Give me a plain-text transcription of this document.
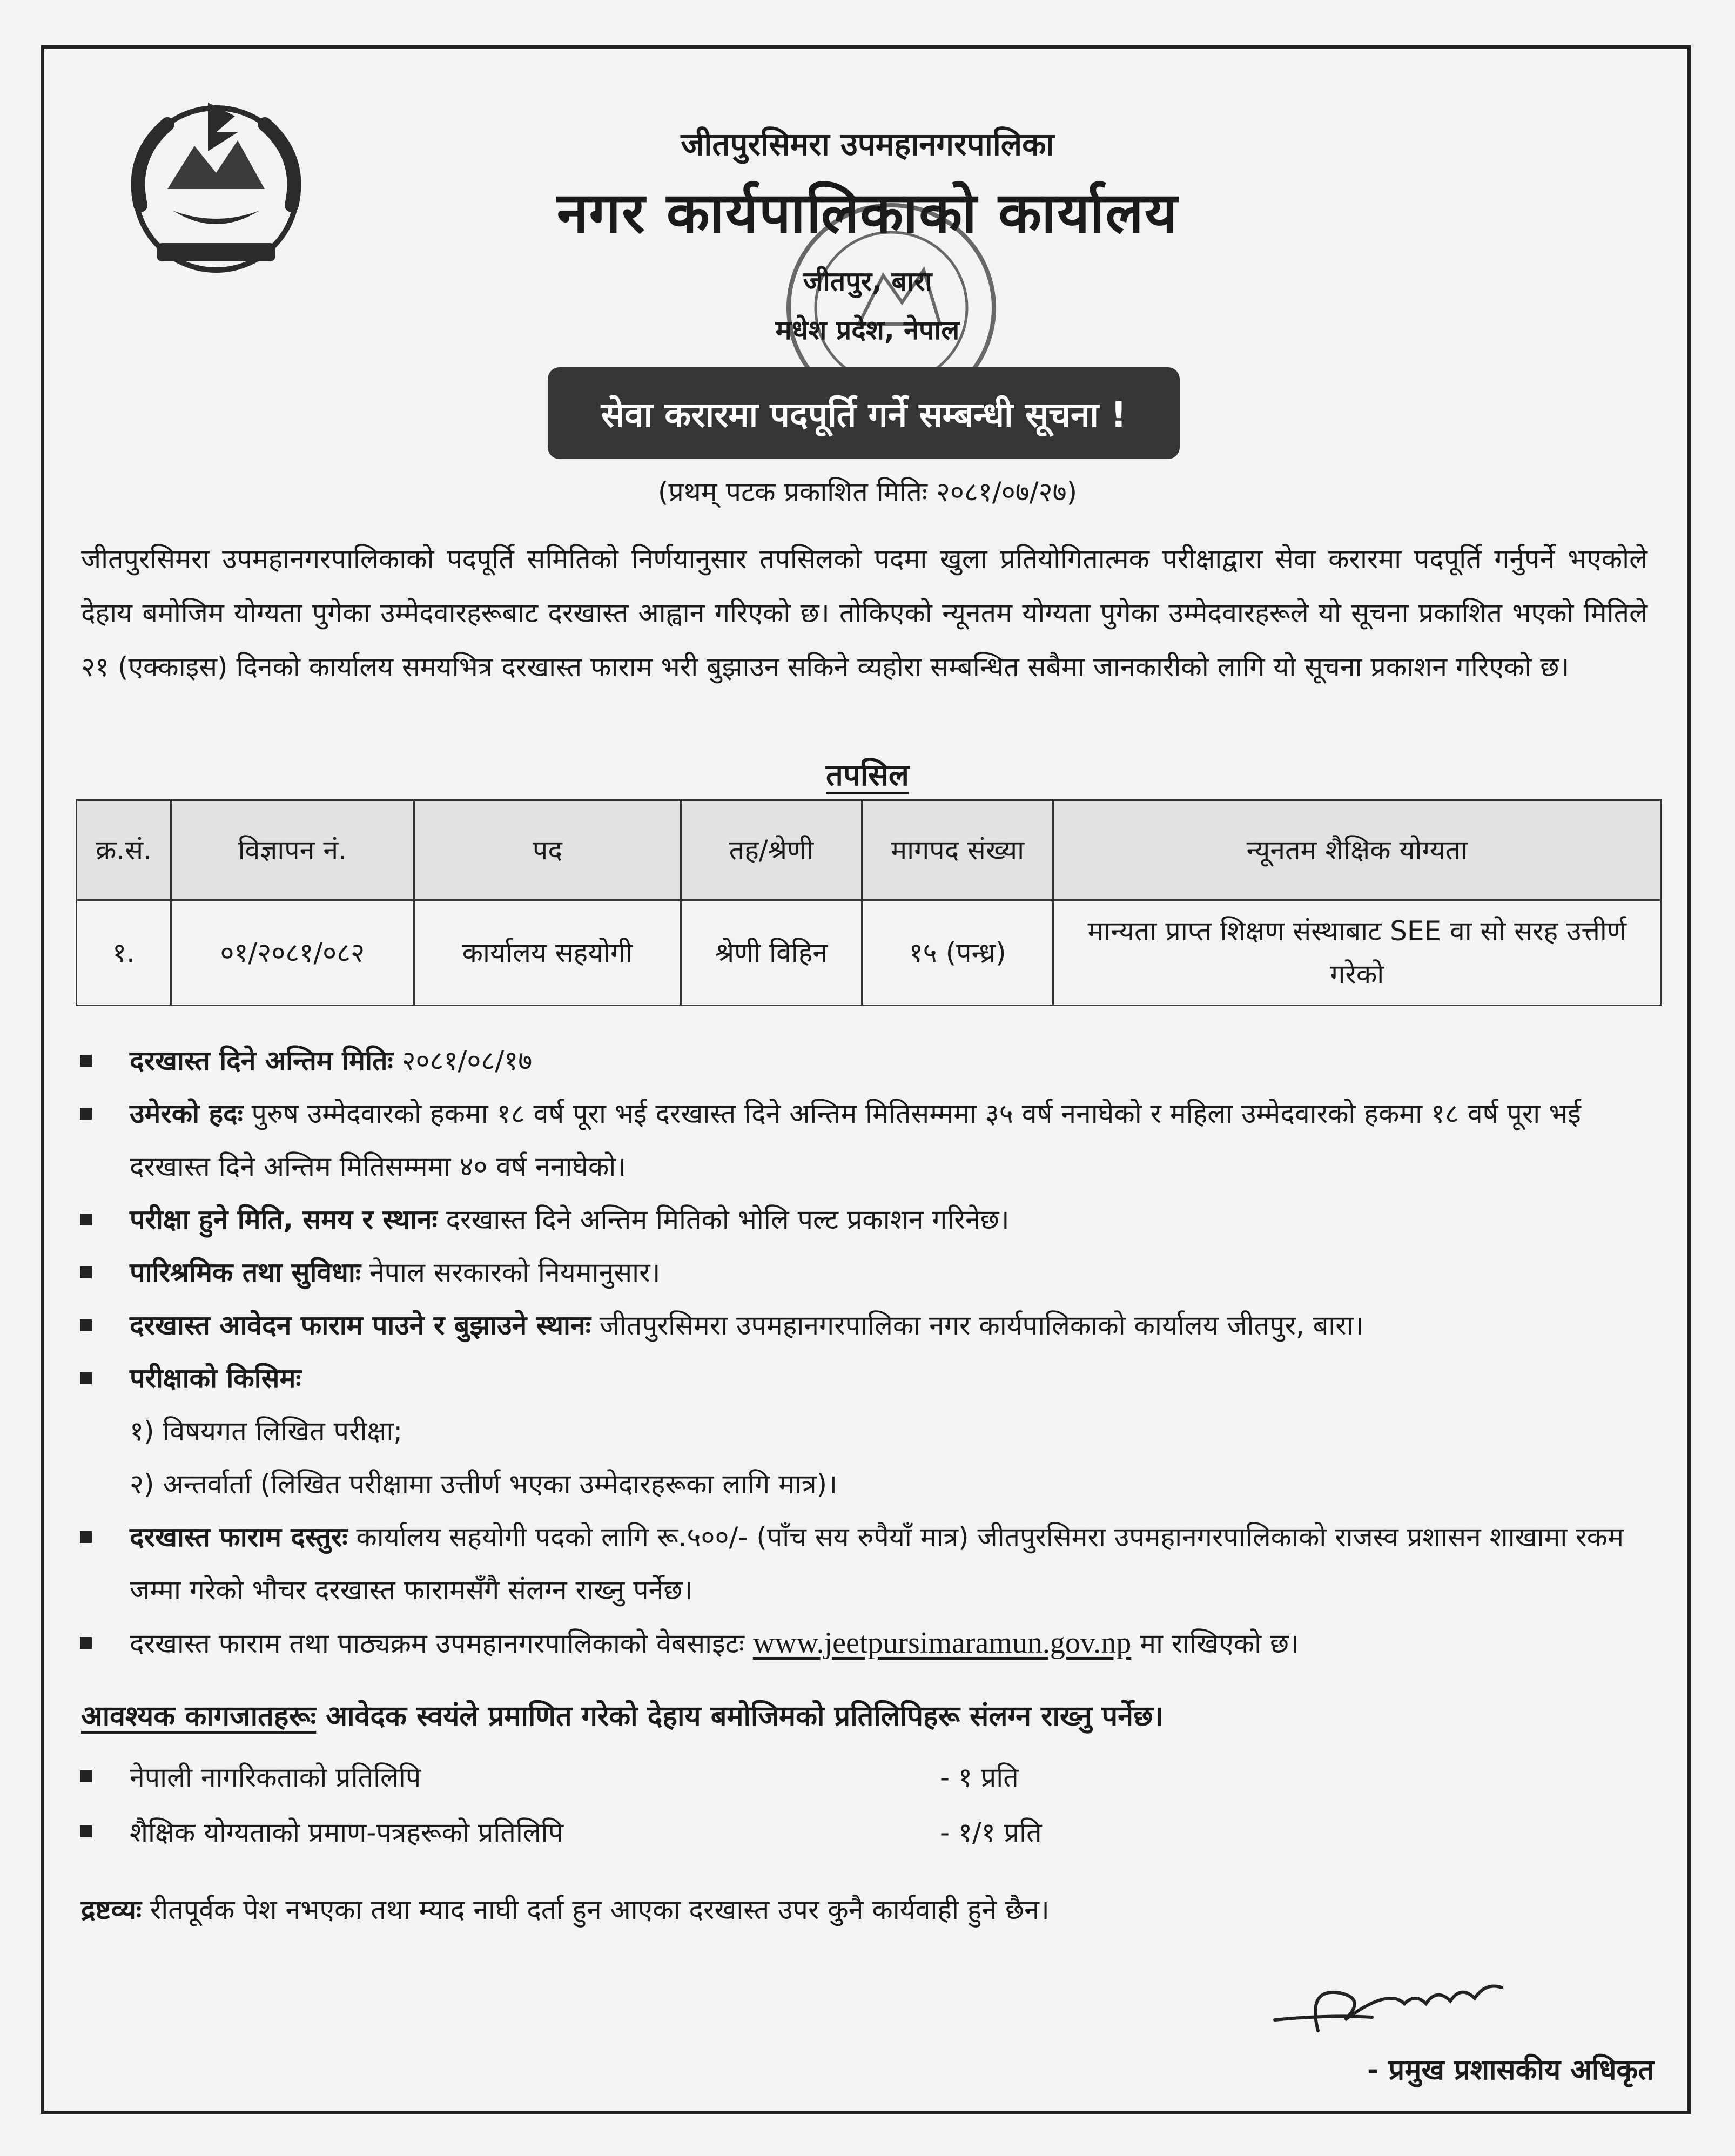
जीतपुरसिमरा उपमहानगरपालिका
नगर कार्यपालिकाको कार्यालय
जीतपुर, बारा
मधेश प्रदेश, नेपाल
सेवा करारमा पदपूर्ति गर्ने सम्बन्धी सूचना !
(प्रथम् पटक प्रकाशित मितिः २०८१/०७/२७)
जीतपुरसिमरा उपमहानगरपालिकाको पदपूर्ति समितिको निर्णयानुसार तपसिलको पदमा खुला प्रतियोगितात्मक परीक्षाद्वारा सेवा करारमा पदपूर्ति गर्नुपर्ने भएकोले देहाय बमोजिम योग्यता पुगेका उम्मेदवारहरूबाट दरखास्त आह्वान गरिएको छ। तोकिएको न्यूनतम योग्यता पुगेका उम्मेदवारहरूले यो सूचना प्रकाशित भएको मितिले २१ (एक्काइस) दिनको कार्यालय समयभित्र दरखास्त फाराम भरी बुझाउन सकिने व्यहोरा सम्बन्धित सबैमा जानकारीको लागि यो सूचना प्रकाशन गरिएको छ।
तपसिल
क्र.सं.	विज्ञापन नं.	पद	तह/श्रेणी	मागपद संख्या	न्यूनतम शैक्षिक योग्यता
१.	०१/२०८१/०८२	कार्यालय सहयोगी	श्रेणी विहिन	१५ (पन्ध्र)	मान्यता प्राप्त शिक्षण संस्थाबाट SEE वा सो सरह उत्तीर्ण गरेको
दरखास्त दिने अन्तिम मितिः २०८१/०८/१७
उमेरको हदः पुरुष उम्मेदवारको हकमा १८ वर्ष पूरा भई दरखास्त दिने अन्तिम मितिसम्ममा ३५ वर्ष ननाघेको र महिला उम्मेदवारको हकमा १८ वर्ष पूरा भई दरखास्त दिने अन्तिम मितिसम्ममा ४० वर्ष ननाघेको।
परीक्षा हुने मिति, समय र स्थानः दरखास्त दिने अन्तिम मितिको भोलि पल्ट प्रकाशन गरिनेछ।
पारिश्रमिक तथा सुविधाः नेपाल सरकारको नियमानुसार।
दरखास्त आवेदन फाराम पाउने र बुझाउने स्थानः जीतपुरसिमरा उपमहानगरपालिका नगर कार्यपालिकाको कार्यालय जीतपुर, बारा।
परीक्षाको किसिमः
१) विषयगत लिखित परीक्षा;
२) अन्तर्वार्ता (लिखित परीक्षामा उत्तीर्ण भएका उम्मेदारहरूका लागि मात्र)।
दरखास्त फाराम दस्तुरः कार्यालय सहयोगी पदको लागि रू.५००/- (पाँच सय रुपैयाँ मात्र) जीतपुरसिमरा उपमहानगरपालिकाको राजस्व प्रशासन शाखामा रकम जम्मा गरेको भौचर दरखास्त फारामसँगै संलग्न राख्नु पर्नेछ।
दरखास्त फाराम तथा पाठ्यक्रम उपमहानगरपालिकाको वेबसाइटः www.jeetpursimaramun.gov.np मा राखिएको छ।
आवश्यक कागजातहरूः आवेदक स्वयंले प्रमाणित गरेको देहाय बमोजिमको प्रतिलिपिहरू संलग्न राख्नु पर्नेछ।
नेपाली नागरिकताको प्रतिलिपि	- १ प्रति
शैक्षिक योग्यताको प्रमाण-पत्रहरूको प्रतिलिपि	- १/१ प्रति
द्रष्टव्यः रीतपूर्वक पेश नभएका तथा म्याद नाघी दर्ता हुन आएका दरखास्त उपर कुनै कार्यवाही हुने छैन।
- प्रमुख प्रशासकीय अधिकृत
